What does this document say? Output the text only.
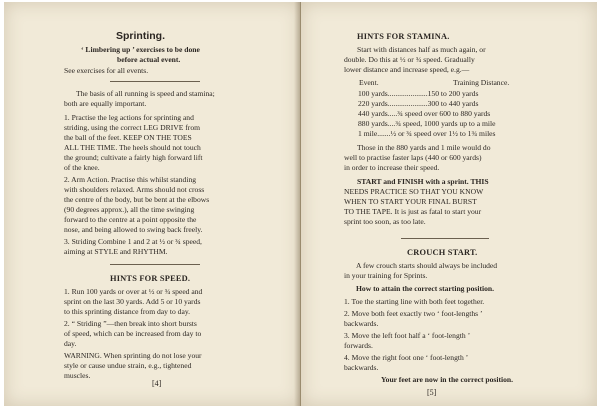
Sprinting.
‘ Limbering up ’ exercises to be done
before actual event.
See exercises for all events.
The basis of all running is speed and stamina;
both are equally important.
1. Practise the leg actions for sprinting and
striding, using the correct LEG DRIVE from
the ball of the feet. KEEP ON THE TOES
ALL THE TIME. The heels should not touch
the ground; cultivate a fairly high forward lift
of the knee.
2. Arm Action. Practise this whilst standing
with shoulders relaxed. Arms should not cross
the centre of the body, but be bent at the elbows
(90 degrees approx.), all the time swinging
forward to the centre at a point opposite the
nose, and being allowed to swing back freely.
3. Striding Combine 1 and 2 at ½ or ¾ speed,
aiming at STYLE and RHYTHM.
HINTS FOR SPEED.
1. Run 100 yards or over at ½ or ¾ speed and
sprint on the last 30 yards. Add 5 or 10 yards
to this sprinting distance from day to day.
2. “ Striding ”—then break into short bursts
of speed, which can be increased from day to
day.
WARNING. When sprinting do not lose your
style or cause undue strain, e.g., tightened
muscles.
[4]
HINTS FOR STAMINA.
Start with distances half as much again, or
double. Do this at ½ or ¾ speed. Gradually
lower distance and increase speed, e.g.—
Event.	Training Distance.
100 yards.....................150 to 200 yards
220 yards.....................300 to 440 yards
440 yards.....¾ speed over 600 to 880 yards
880 yards....¾ speed, 1000 yards up to a mile
1 mile.......½ or ¾ speed over 1½ to 1¾ miles
Those in the 880 yards and 1 mile would do
well to practise faster laps (440 or 600 yards)
in order to increase their speed.
START and FINISH with a sprint. THIS
NEEDS PRACTICE SO THAT YOU KNOW
WHEN TO START YOUR FINAL BURST
TO THE TAPE. It is just as fatal to start your
sprint too soon, as too late.
CROUCH START.
A few crouch starts should always be included
in your training for Sprints.
How to attain the correct starting position.
1. Toe the starting line with both feet together.
2. Move both feet exactly two ‘ foot-lengths ’
backwards.
3. Move the left foot half a ‘ foot-length ’
forwards.
4. Move the right foot one ‘ foot-length ’
backwards.
Your feet are now in the correct position.
[5]
